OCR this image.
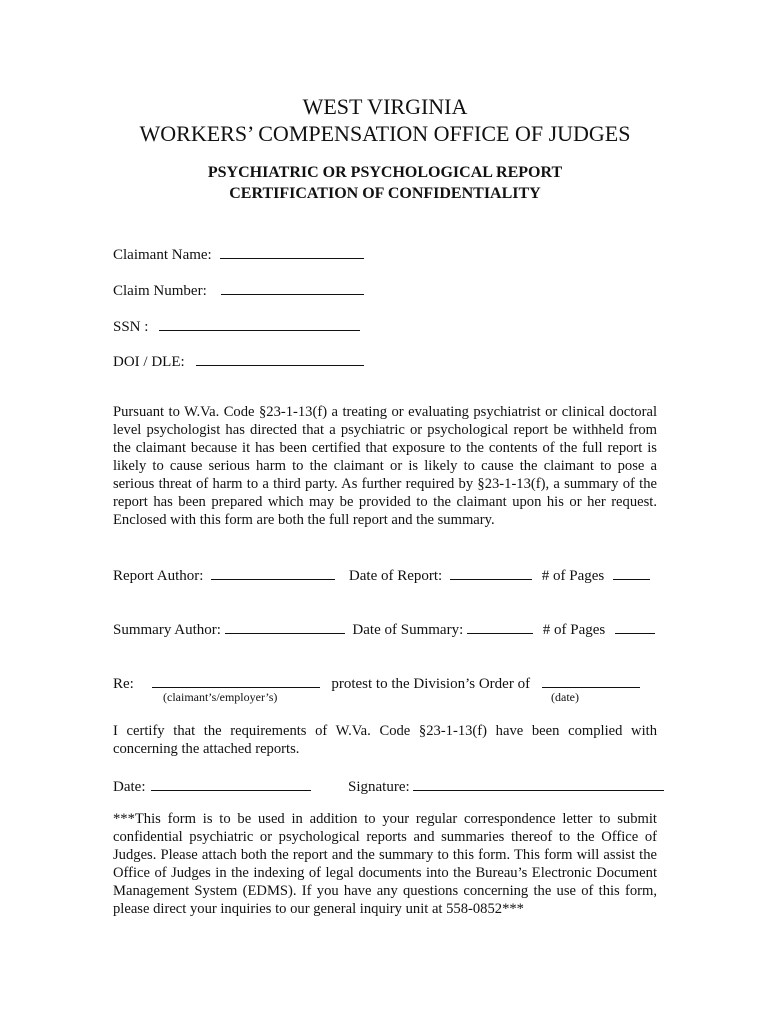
WEST VIRGINIA
WORKERS’ COMPENSATION OFFICE OF JUDGES
PSYCHIATRIC OR PSYCHOLOGICAL REPORT
CERTIFICATION OF CONFIDENTIALITY
Claimant Name:
Claim Number:
SSN :
DOI / DLE:
Pursuant to W.Va. Code §23-1-13(f) a treating or evaluating psychiatrist or clinical doctoral level psychologist has directed that a psychiatric or psychological report be withheld from the claimant because it has been certified that exposure to the contents of the full report is likely to cause serious harm to the claimant or is likely to cause the claimant to pose a serious threat of harm to a third party. As further required by §23-1-13(f), a summary of the report has been prepared which may be provided to the claimant upon his or her request. Enclosed with this form are both the full report and the summary.
Report Author:	Date of Report:	# of Pages
Summary Author:	Date of Summary:	# of Pages
Re:	protest to the Division’s Order of
(claimant’s/employer’s)	(date)
I certify that the requirements of W.Va. Code §23-1-13(f) have been complied with concerning the attached reports.
Date:	Signature:
***This form is to be used in addition to your regular correspondence letter to submit confidential psychiatric or psychological reports and summaries thereof to the Office of Judges. Please attach both the report and the summary to this form. This form will assist the Office of Judges in the indexing of legal documents into the Bureau’s Electronic Document Management System (EDMS). If you have any questions concerning the use of this form, please direct your inquiries to our general inquiry unit at 558-0852***
